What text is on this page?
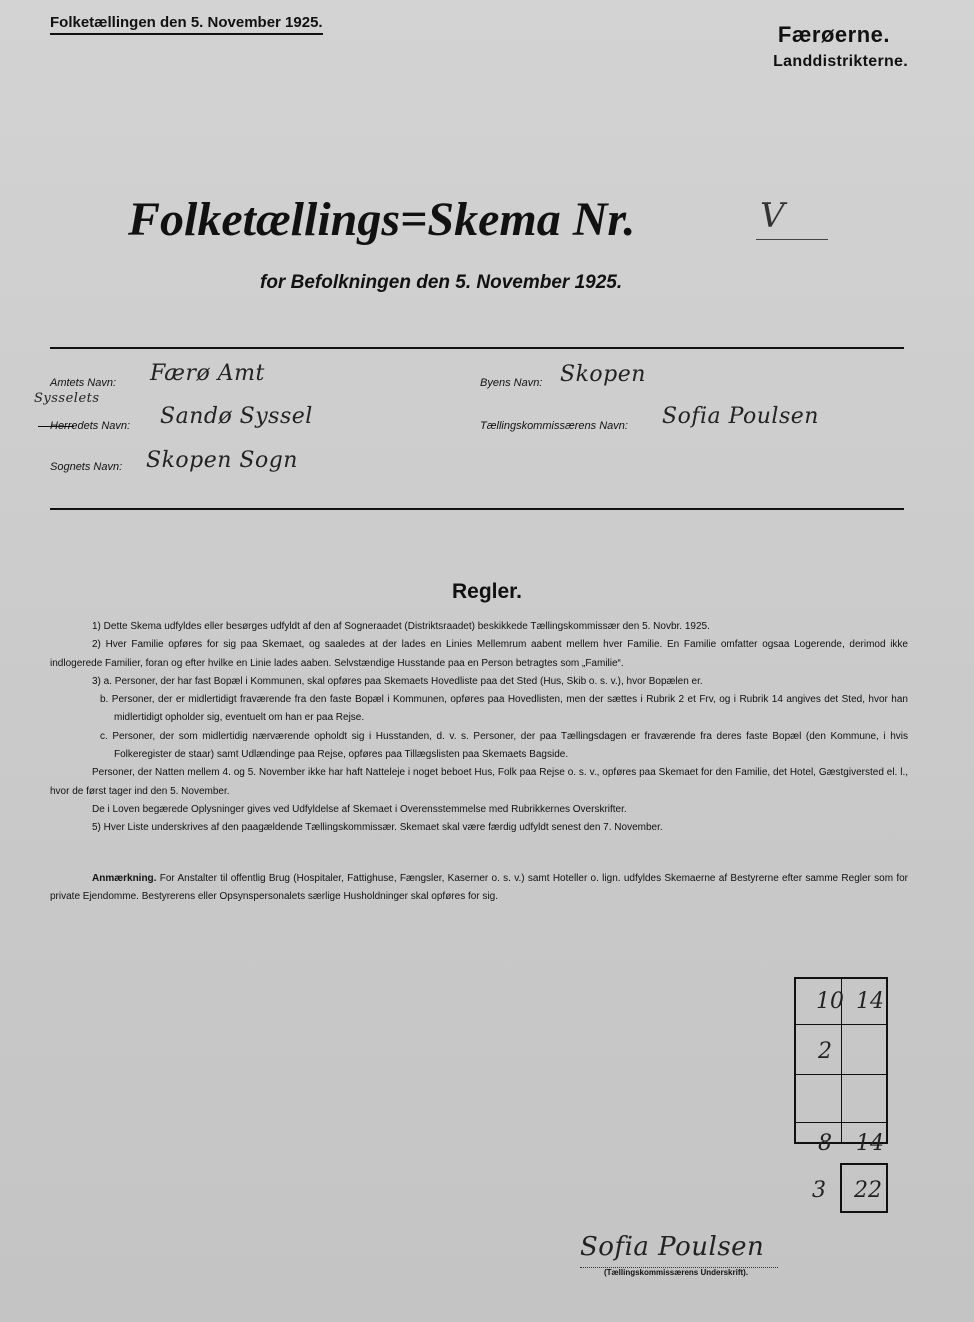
Folketællingen den 5. November 1925.	Færøerne.
Landdistrikterne.
Folketællings=Skema Nr.	V
for Befolkningen den 5. November 1925.
Amtets Navn: Færø Amt
Sysselets
Herredets Navn: Sandø Syssel
Sognets Navn: Skopen Sogn
Byens Navn: Skopen
Tællingskommissærens Navn: Sofia Poulsen
Regler.

1) Dette Skema udfyldes eller besørges udfyldt af den af Sogneraadet (Distriktsraadet) beskikkede Tællingskommissær den 5. Novbr. 1925.

2) Hver Familie opføres for sig paa Skemaet, og saaledes at der lades en Linies Mellemrum aabent mellem hver Familie. En Familie omfatter ogsaa Logerende, derimod ikke indlogerede Familier, foran og efter hvilke en Linie lades aaben. Selvstændige Husstande paa en Person betragtes som „Familie“.

3) a. Personer, der har fast Bopæl i Kommunen, skal opføres paa Skemaets Hovedliste paa det Sted (Hus, Skib o. s. v.), hvor Bopælen er.

b. Personer, der er midlertidigt fraværende fra den faste Bopæl i Kommunen, opføres paa Hovedlisten, men der sættes i Rubrik 2 et Frv, og i Rubrik 14 angives det Sted, hvor han midlertidigt opholder sig, eventuelt om han er paa Rejse.

c. Personer, der som midlertidig nærværende opholdt sig i Husstanden, d. v. s. Personer, der paa Tællingsdagen er fraværende fra deres faste Bopæl (den Kommune, i hvis Folkeregister de staar) samt Udlændinge paa Rejse, opføres paa Tillægslisten paa Skemaets Bagside.

Personer, der Natten mellem 4. og 5. November ikke har haft Natteleje i noget beboet Hus, Folk paa Rejse o. s. v., opføres paa Skemaet for den Familie, det Hotel, Gæstgiversted el. l., hvor de først tager ind den 5. November.

De i Loven begærede Oplysninger gives ved Udfyldelse af Skemaet i Overensstemmelse med Rubrikkernes Overskrifter.

5) Hver Liste underskrives af den paagældende Tællingskommissær. Skemaet skal være færdig udfyldt senest den 7. November.

Anmærkning. For Anstalter til offentlig Brug (Hospitaler, Fattighuse, Fængsler, Kaserner o. s. v.) samt Hoteller o. lign. udfyldes Skemaerne af Bestyrerne efter samme Regler som for private Ejendomme. Bestyrerens eller Opsynspersonalets særlige Husholdninger skal opføres for sig.
10 14
2
8 14
3 22
Sofia Poulsen
(Tællingskommissærens Underskrift).
